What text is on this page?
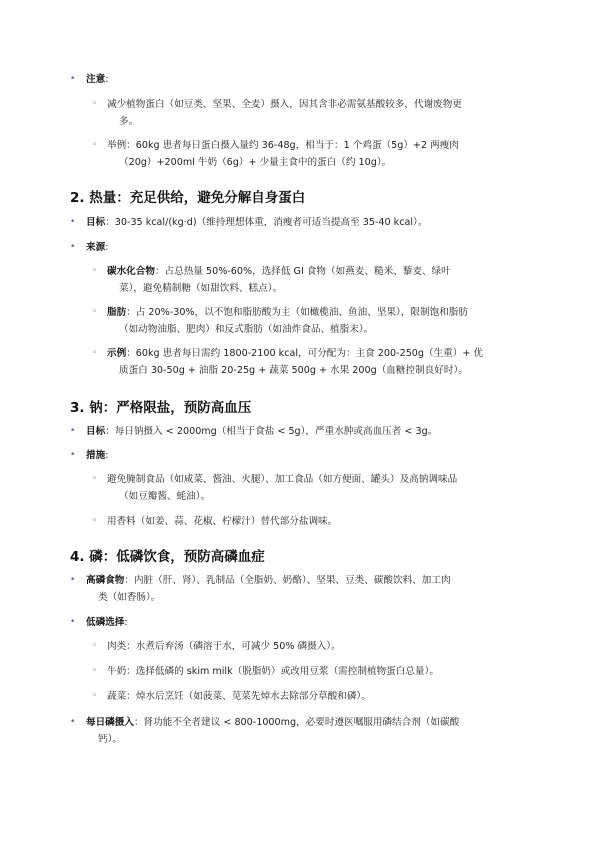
• 注意:
◦ 减少植物蛋白（如豆类、坚果、全麦）摄入，因其含非必需氨基酸较多，代谢废物更
多。
◦ 举例：60kg 患者每日蛋白摄入量约 36-48g，相当于：1 个鸡蛋（5g）+2 两瘦肉
（20g）+200ml 牛奶（6g）+ 少量主食中的蛋白（约 10g）。
2. 热量：充足供给，避免分解自身蛋白
• 目标：30-35 kcal/(kg·d)（维持理想体重，消瘦者可适当提高至 35-40 kcal）。
• 来源:
◦ 碳水化合物：占总热量 50%-60%，选择低 GI 食物（如燕麦、糙米、藜麦、绿叶
菜），避免精制糖（如甜饮料、糕点）。
◦ 脂肪：占 20%-30%，以不饱和脂肪酸为主（如橄榄油、鱼油、坚果），限制饱和脂肪
（如动物油脂、肥肉）和反式脂肪（如油炸食品、植脂末）。
◦ 示例：60kg 患者每日需约 1800-2100 kcal，可分配为：主食 200-250g（生重）+ 优
质蛋白 30-50g + 油脂 20-25g + 蔬菜 500g + 水果 200g（血糖控制良好时）。
3. 钠：严格限盐，预防高血压
• 目标：每日钠摄入 < 2000mg（相当于食盐 < 5g），严重水肿或高血压者 < 3g。
• 措施:
◦ 避免腌制食品（如咸菜、酱油、火腿）、加工食品（如方便面、罐头）及高钠调味品
（如豆瓣酱、蚝油）。
◦ 用香料（如姜、蒜、花椒、柠檬汁）替代部分盐调味。
4. 磷：低磷饮食，预防高磷血症
• 高磷食物：内脏（肝、肾）、乳制品（全脂奶、奶酪）、坚果、豆类、碳酸饮料、加工肉
类（如香肠）。
• 低磷选择:
◦ 肉类：水煮后弃汤（磷溶于水，可减少 50% 磷摄入）。
◦ 牛奶：选择低磷的 skim milk（脱脂奶）或改用豆浆（需控制植物蛋白总量）。
◦ 蔬菜：焯水后烹饪（如菠菜、苋菜先焯水去除部分草酸和磷）。
• 每日磷摄入：肾功能不全者建议 < 800-1000mg，必要时遵医嘱服用磷结合剂（如碳酸
钙）。
